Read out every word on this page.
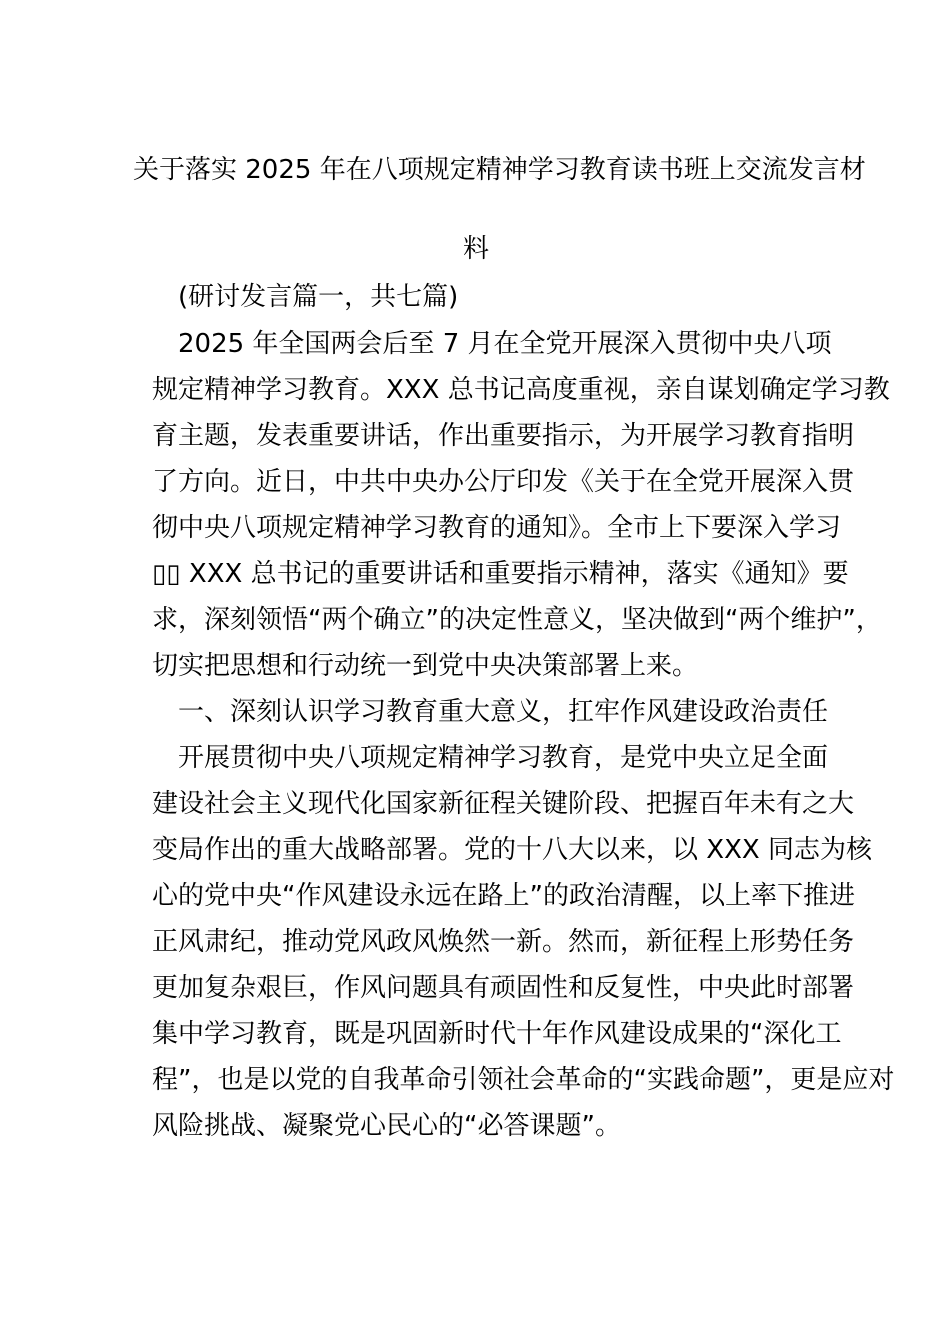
关于落实 2025 年在八项规定精神学习教育读书班上交流发言材
料
(研讨发言篇一，共七篇)
2025 年全国两会后至 7 月在全党开展深入贯彻中央八项
规定精神学习教育。XXX 总书记高度重视，亲自谋划确定学习教
育主题，发表重要讲话，作出重要指示，为开展学习教育指明
了方向。近日，中共中央办公厅印发《关于在全党开展深入贯
彻中央八项规定精神学习教育的通知》。全市上下要深入学习
▯▯ XXX 总书记的重要讲话和重要指示精神，落实《通知》要
求，深刻领悟“两个确立”的决定性意义，坚决做到“两个维护”，
切实把思想和行动统一到党中央决策部署上来。
一、深刻认识学习教育重大意义，扛牢作风建设政治责任
开展贯彻中央八项规定精神学习教育，是党中央立足全面
建设社会主义现代化国家新征程关键阶段、把握百年未有之大
变局作出的重大战略部署。党的十八大以来，以 XXX 同志为核
心的党中央“作风建设永远在路上”的政治清醒，以上率下推进
正风肃纪，推动党风政风焕然一新。然而，新征程上形势任务
更加复杂艰巨，作风问题具有顽固性和反复性，中央此时部署
集中学习教育，既是巩固新时代十年作风建设成果的“深化工
程”，也是以党的自我革命引领社会革命的“实践命题”，更是应对
风险挑战、凝聚党心民心的“必答课题”。
